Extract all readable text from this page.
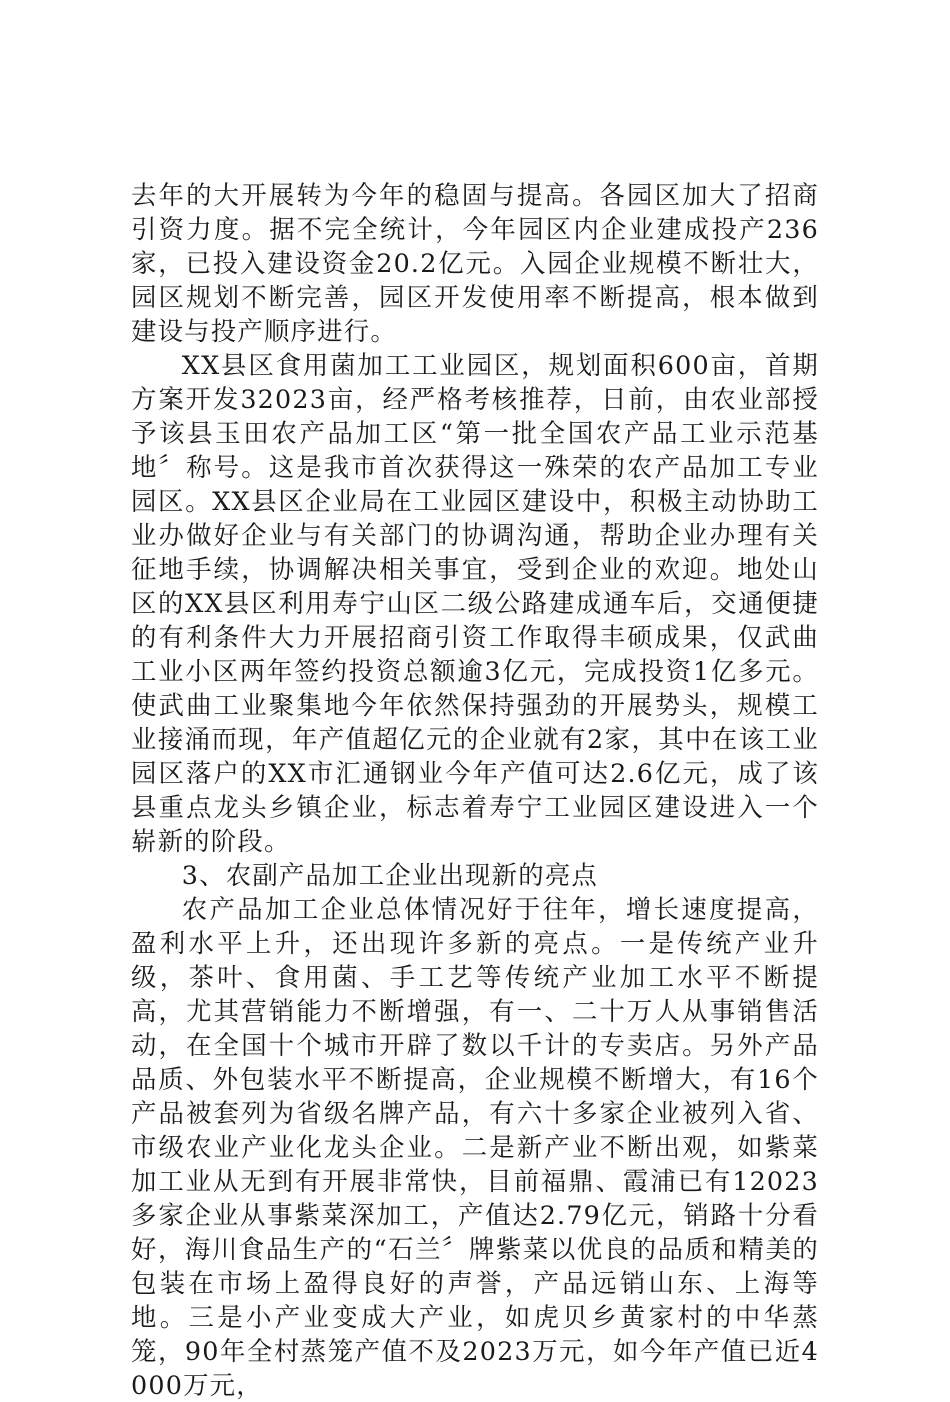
去年的大开展转为今年的稳固与提高。各园区加大了招商引资力度。据不完全统计，今年园区内企业建成投产236家，已投入建设资金20.2亿元。入园企业规模不断壮大，园区规划不断完善，园区开发使用率不断提高，根本做到建设与投产顺序进行。

XX县区食用菌加工工业园区，规划面积600亩，首期方案开发32023亩，经严格考核推荐，日前，由农业部授予该县玉田农产品加工区“第一批全国农产品工业示范基地〞称号。这是我市首次获得这一殊荣的农产品加工专业园区。XX县区企业局在工业园区建设中，积极主动协助工业办做好企业与有关部门的协调沟通，帮助企业办理有关征地手续，协调解决相关事宜，受到企业的欢迎。地处山区的XX县区利用寿宁山区二级公路建成通车后，交通便捷的有利条件大力开展招商引资工作取得丰硕成果，仅武曲工业小区两年签约投资总额逾3亿元，完成投资1亿多元。使武曲工业聚集地今年依然保持强劲的开展势头，规模工业接涌而现，年产值超亿元的企业就有2家，其中在该工业园区落户的XX市汇通钢业今年产值可达2.6亿元，成了该县重点龙头乡镇企业，标志着寿宁工业园区建设进入一个崭新的阶段。

3、农副产品加工企业出现新的亮点

农产品加工企业总体情况好于往年，增长速度提高，盈利水平上升，还出现许多新的亮点。一是传统产业升级，茶叶、食用菌、手工艺等传统产业加工水平不断提高，尤其营销能力不断增强，有一、二十万人从事销售活动，在全国十个城市开辟了数以千计的专卖店。另外产品品质、外包装水平不断提高，企业规模不断增大，有16个产品被套列为省级名牌产品，有六十多家企业被列入省、市级农业产业化龙头企业。二是新产业不断出观，如紫菜加工业从无到有开展非常快，目前福鼎、霞浦已有12023多家企业从事紫菜深加工，产值达2.79亿元，销路十分看好，海川食品生产的“石兰〞牌紫菜以优良的品质和精美的包装在市场上盈得良好的声誉，产品远销山东、上海等地。三是小产业变成大产业，如虎贝乡黄家村的中华蒸笼，90年全村蒸笼产值不及2023万元，如今年产值已近4000万元，
